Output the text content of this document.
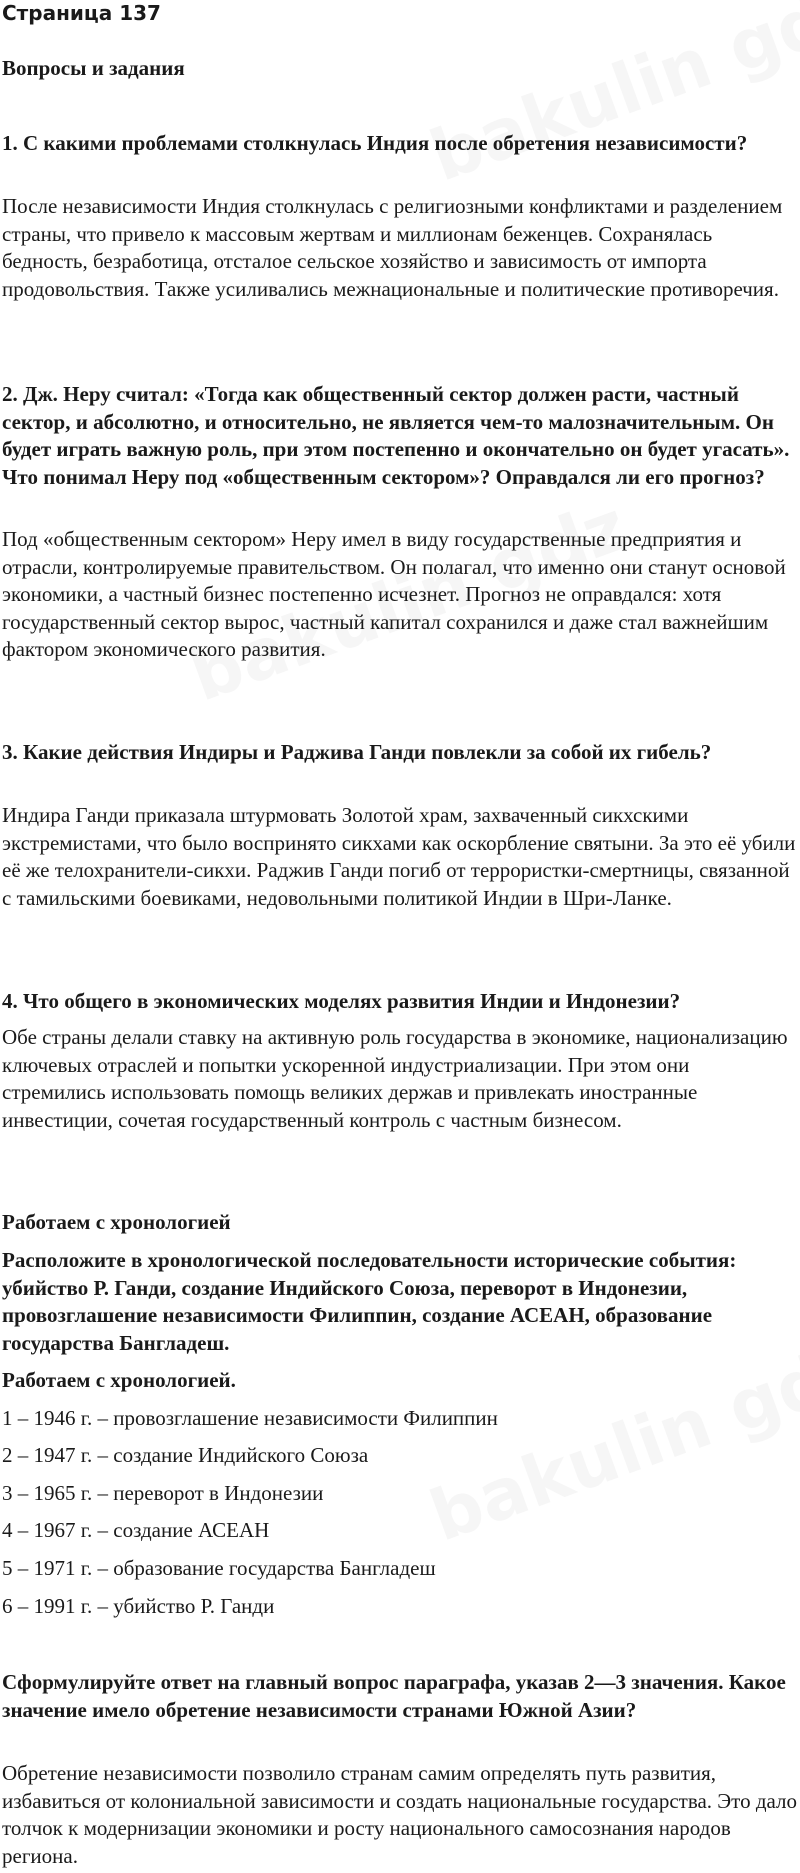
Страница 137

Вопросы и задания

1. С какими проблемами столкнулась Индия после обретения независимости?

После независимости Индия столкнулась с религиозными конфликтами и разделением страны, что привело к массовым жертвам и миллионам беженцев. Сохранялась бедность, безработица, отсталое сельское хозяйство и зависимость от импорта продовольствия. Также усиливались межнациональные и политические противоречия.

2. Дж. Неру считал: «Тогда как общественный сектор должен расти, частный сектор, и абсолютно, и относительно, не является чем-то малозначительным. Он будет играть важную роль, при этом постепенно и окончательно он будет угасать». Что понимал Неру под «общественным сектором»? Оправдался ли его прогноз?

Под «общественным сектором» Неру имел в виду государственные предприятия и отрасли, контролируемые правительством. Он полагал, что именно они станут основой экономики, а частный бизнес постепенно исчезнет. Прогноз не оправдался: хотя государственный сектор вырос, частный капитал сохранился и даже стал важнейшим фактором экономического развития.

3. Какие действия Индиры и Раджива Ганди повлекли за собой их гибель?

Индира Ганди приказала штурмовать Золотой храм, захваченный сикхскими экстремистами, что было воспринято сикхами как оскорбление святыни. За это её убили её же телохранители-сикхи. Раджив Ганди погиб от террористки-смертницы, связанной с тамильскими боевиками, недовольными политикой Индии в Шри-Ланке.

4. Что общего в экономических моделях развития Индии и Индонезии?

Обе страны делали ставку на активную роль государства в экономике, национализацию ключевых отраслей и попытки ускоренной индустриализации. При этом они стремились использовать помощь великих держав и привлекать иностранные инвестиции, сочетая государственный контроль с частным бизнесом.

Работаем с хронологией

Расположите в хронологической последовательности исторические события: убийство Р. Ганди, создание Индийского Союза, переворот в Индонезии, провозглашение независимости Филиппин, создание АСЕАН, образование государства Бангладеш.

Работаем с хронологией.

1 – 1946 г. – провозглашение независимости Филиппин

2 – 1947 г. – создание Индийского Союза

3 – 1965 г. – переворот в Индонезии

4 – 1967 г. – создание АСЕАН

5 – 1971 г. – образование государства Бангладеш

6 – 1991 г. – убийство Р. Ганди

Сформулируйте ответ на главный вопрос параграфа, указав 2—3 значения. Какое значение имело обретение независимости странами Южной Азии?

Обретение независимости позволило странам самим определять путь развития, избавиться от колониальной зависимости и создать национальные государства. Это дало толчок к модернизации экономики и росту национального самосознания народов региона.
